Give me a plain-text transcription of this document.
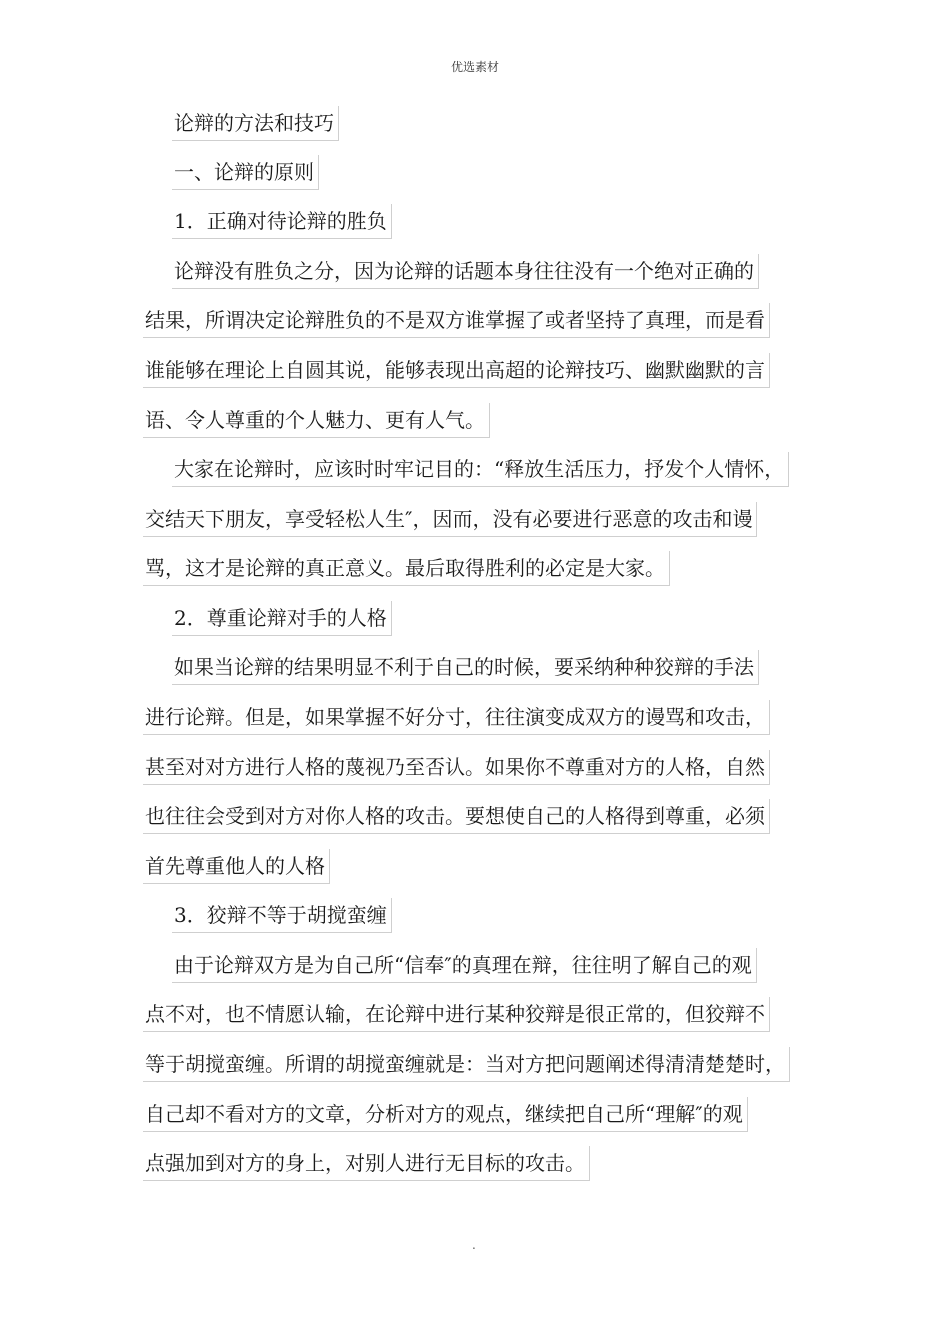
优选素材
论辩的方法和技巧
一、论辩的原则
1．正确对待论辩的胜负
论辩没有胜负之分，因为论辩的话题本身往往没有一个绝对正确的
结果，所谓决定论辩胜负的不是双方谁掌握了或者坚持了真理，而是看
谁能够在理论上自圆其说，能够表现出高超的论辩技巧、幽默幽默的言
语、令人尊重的个人魅力、更有人气。
大家在论辩时，应该时时牢记目的：“释放生活压力，抒发个人情怀，
交结天下朋友，享受轻松人生″，因而，没有必要进行恶意的攻击和谩
骂，这才是论辩的真正意义。最后取得胜利的必定是大家。
2．尊重论辩对手的人格
如果当论辩的结果明显不利于自己的时候，要采纳种种狡辩的手法
进行论辩。但是，如果掌握不好分寸，往往演变成双方的谩骂和攻击，
甚至对对方进行人格的蔑视乃至否认。如果你不尊重对方的人格，自然
也往往会受到对方对你人格的攻击。要想使自己的人格得到尊重，必须
首先尊重他人的人格
3．狡辩不等于胡搅蛮缠
由于论辩双方是为自己所“信奉″的真理在辩，往往明了解自己的观
点不对，也不情愿认输，在论辩中进行某种狡辩是很正常的，但狡辩不
等于胡搅蛮缠。所谓的胡搅蛮缠就是：当对方把问题阐述得清清楚楚时，
自己却不看对方的文章，分析对方的观点，继续把自己所“理解″的观
点强加到对方的身上，对别人进行无目标的攻击。
.
